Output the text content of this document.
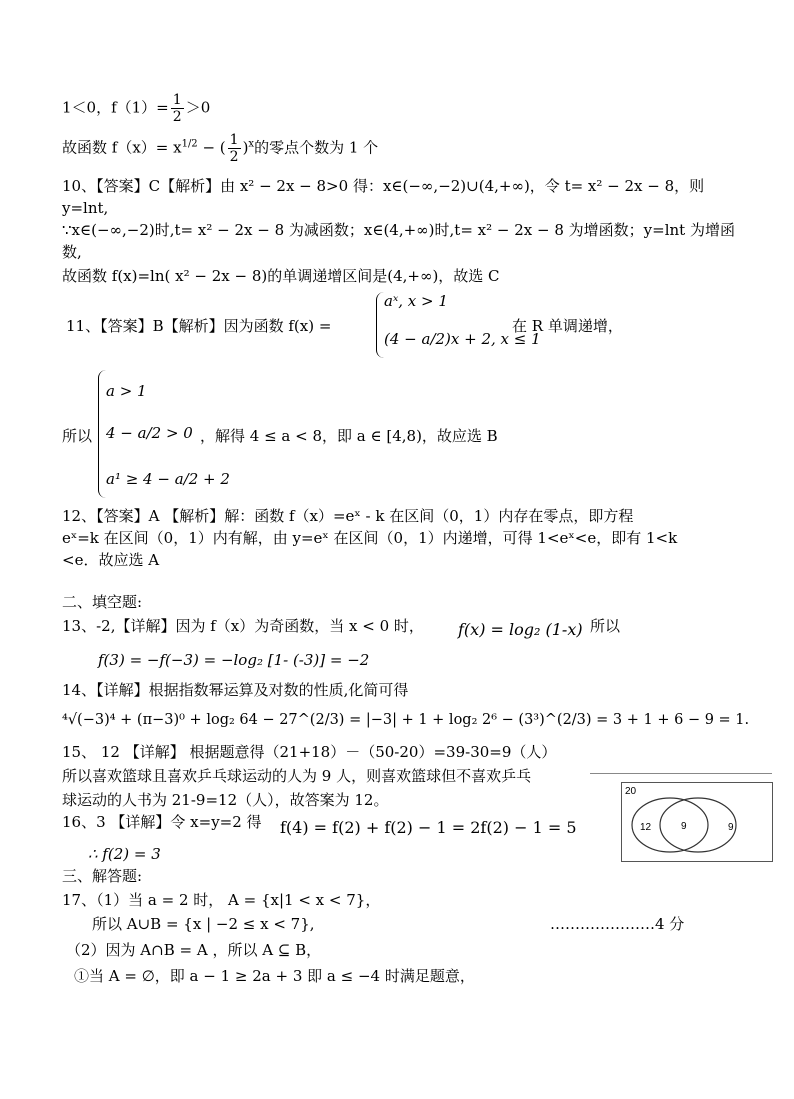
1＜0，$f(1)= \frac{1}{2} >0$
故函数 $f(x)= x^{1/2}$ − ( $\frac{1}{2} )^x$的零点个数为 1 个
10、【答案】C【解析】由 x² − 2x − 8>0 得：x∈(−∞,−2)∪(4,+∞)，令 t= x² − 2x − 8，则
y=lnt,
∵x∈(−∞,−2)时,t= x² − 2x − 8 为减函数；x∈(4,+∞)时,t= x² − 2x − 8 为增函数；y=lnt 为增函
数,
故函数 f(x)=ln( x² − 2x − 8)的单调递增区间是(4,+∞)，故选 C
11、【答案】B【解析】因为函数 f(x) =
aˣ, x > 1
(4 − a/2)x + 2, x ≤ 1
在 R 单调递增，
所以
a > 1
4 − a/2 > 0
a¹ ≥ 4 − a/2 + 2
，解得 4 ≤ a < 8，即 a ∈ [4,8)，故应选 B
12、【答案】A 【解析】解：函数 f（x）=eˣ - k 在区间（0，1）内存在零点，即方程
eˣ=k 在区间（0，1）内有解，由 y=eˣ 在区间（0，1）内递增，可得 1<eˣ<e，即有 1<k
<e．故应选 A
二、填空题:
13、-2,【详解】因为 f（x）为奇函数，当 x < 0 时， f(x) = log₂ (1-x) 所以
f(3) = −f(−3) = −log₂ [1- (-3)] = −2
14、【详解】根据指数幂运算及对数的性质,化简可得
⁴√(−3)⁴ + (π−3)⁰ + log₂ 64 − 27^(2/3) = |−3| + 1 + log₂ 2⁶ − (3³)^(2/3) = 3 + 1 + 6 − 9 = 1.
15、 12 【详解】 根据题意得（21+18）－（50-20）=39-30=9（人）
所以喜欢篮球且喜欢乒乓球运动的人为 9 人，则喜欢篮球但不喜欢乒乓
球运动的人书为 21-9=12（人），故答案为 12。	20
12	9	9
16、3 【详解】令 x=y=2 得 f(4) = f(2) + f(2) − 1 = 2f(2) − 1 = 5
∴ f(2) = 3
三、解答题:
17、（1）当 a = 2 时， A = {x|1 < x < 7}，
所以 A∪B = {x | −2 ≤ x < 7},	…………………4 分
（2）因为 A∩B = A ，所以 A ⊆ B，
①当 A = ∅，即 a − 1 ≥ 2a + 3 即 a ≤ −4 时满足题意，
